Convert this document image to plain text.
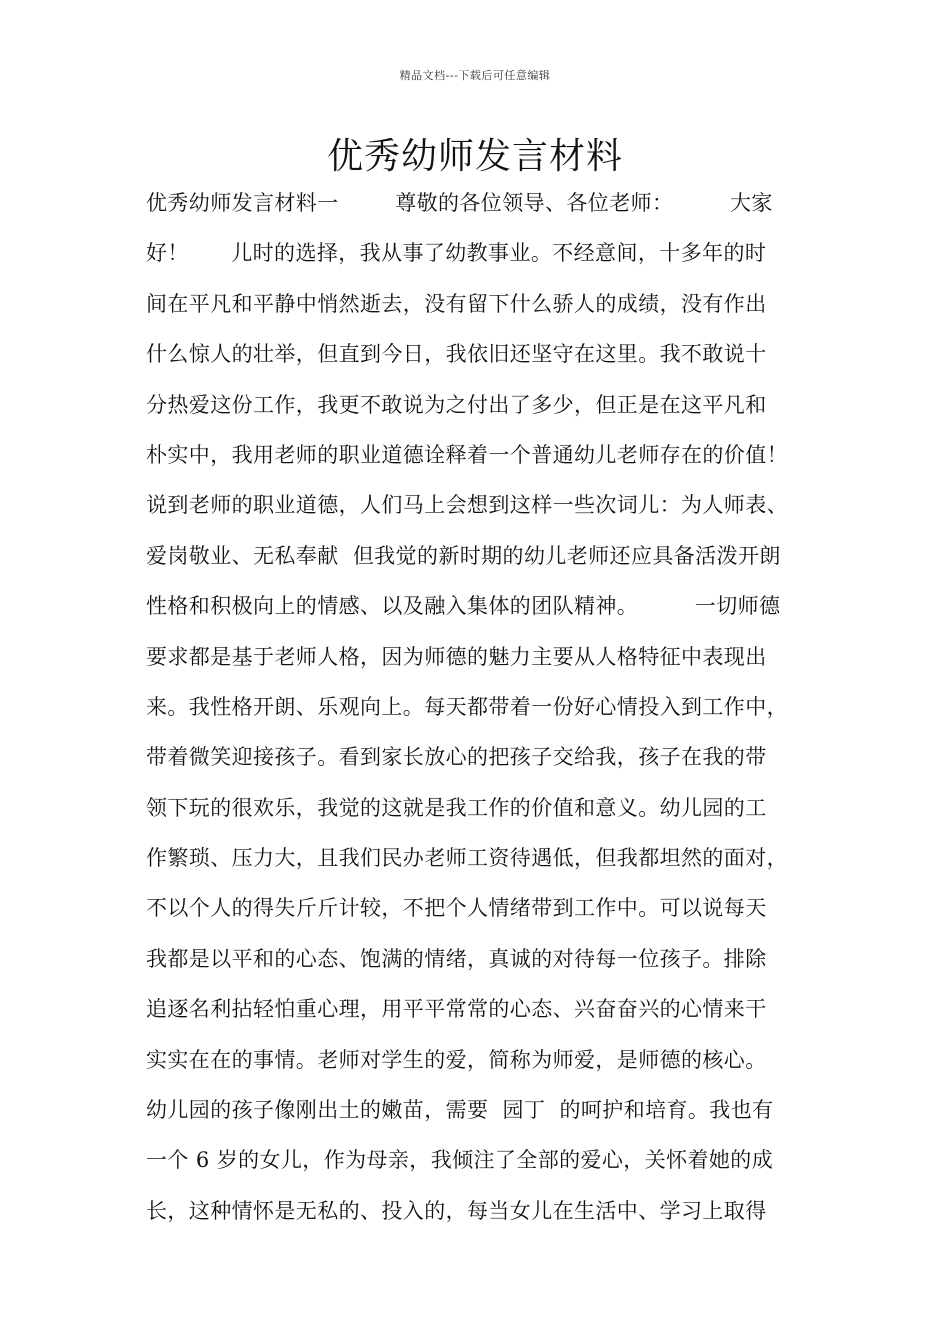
精品文档---下载后可任意编辑
优秀幼师发言材料
优秀幼师发言材料一        尊敬的各位领导、各位老师：        大家
好！      儿时的选择，我从事了幼教事业。不经意间，十多年的时
间在平凡和平静中悄然逝去，没有留下什么骄人的成绩，没有作出
什么惊人的壮举，但直到今日，我依旧还坚守在这里。我不敢说十
分热爱这份工作，我更不敢说为之付出了多少，但正是在这平凡和
朴实中，我用老师的职业道德诠释着一个普通幼儿老师存在的价值！
说到老师的职业道德，人们马上会想到这样一些次词儿：为人师表、
爱岗敬业、无私奉献  但我觉的新时期的幼儿老师还应具备活泼开朗
性格和积极向上的情感、以及融入集体的团队精神。        一切师德
要求都是基于老师人格，因为师德的魅力主要从人格特征中表现出
来。我性格开朗、乐观向上。每天都带着一份好心情投入到工作中，
带着微笑迎接孩子。看到家长放心的把孩子交给我，孩子在我的带
领下玩的很欢乐，我觉的这就是我工作的价值和意义。幼儿园的工
作繁琐、压力大，且我们民办老师工资待遇低，但我都坦然的面对，
不以个人的得失斤斤计较，不把个人情绪带到工作中。可以说每天
我都是以平和的心态、饱满的情绪，真诚的对待每一位孩子。排除
追逐名利拈轻怕重心理，用平平常常的心态、兴奋奋兴的心情来干
实实在在的事情。老师对学生的爱，简称为师爱，是师德的核心。
幼儿园的孩子像刚出土的嫩苗，需要  园丁  的呵护和培育。我也有
一个 6 岁的女儿，作为母亲，我倾注了全部的爱心，关怀着她的成
长，这种情怀是无私的、投入的，每当女儿在生活中、学习上取得
